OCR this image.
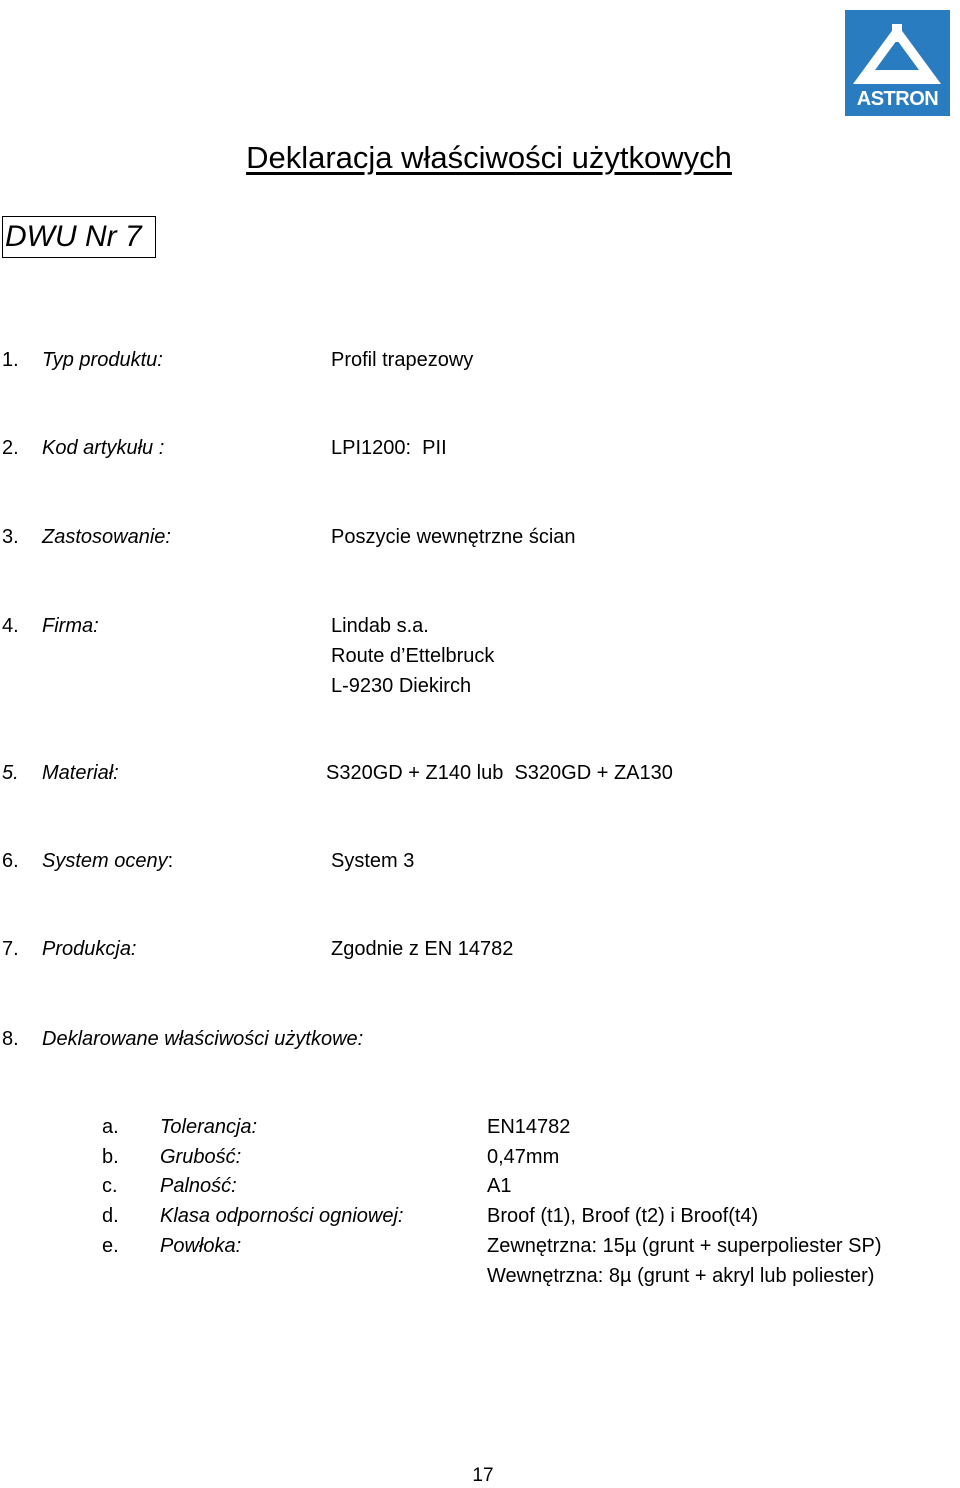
ASTRON
Deklaracja właściwości użytkowych
DWU Nr 7
1. Typ produktu:	Profil trapezowy
2. Kod artykułu :	LPI1200:  PII
3. Zastosowanie:	Poszycie wewnętrzne ścian
4. Firma:	Lindab s.a.
Route d’Ettelbruck
L-9230 Diekirch
5. Materiał:	S320GD + Z140 lub  S320GD + ZA130
6. System oceny:	System 3
7. Produkcja:	Zgodnie z EN 14782
8. Deklarowane właściwości użytkowe:
a. Tolerancja:	EN14782
b. Grubość:	0,47mm
c. Palność:	A1
d. Klasa odporności ogniowej:	Broof (t1), Broof (t2) i Broof(t4)
e. Powłoka:	Zewnętrzna: 15µ (grunt + superpoliester SP)
Wewnętrzna: 8µ (grunt + akryl lub poliester)
17
